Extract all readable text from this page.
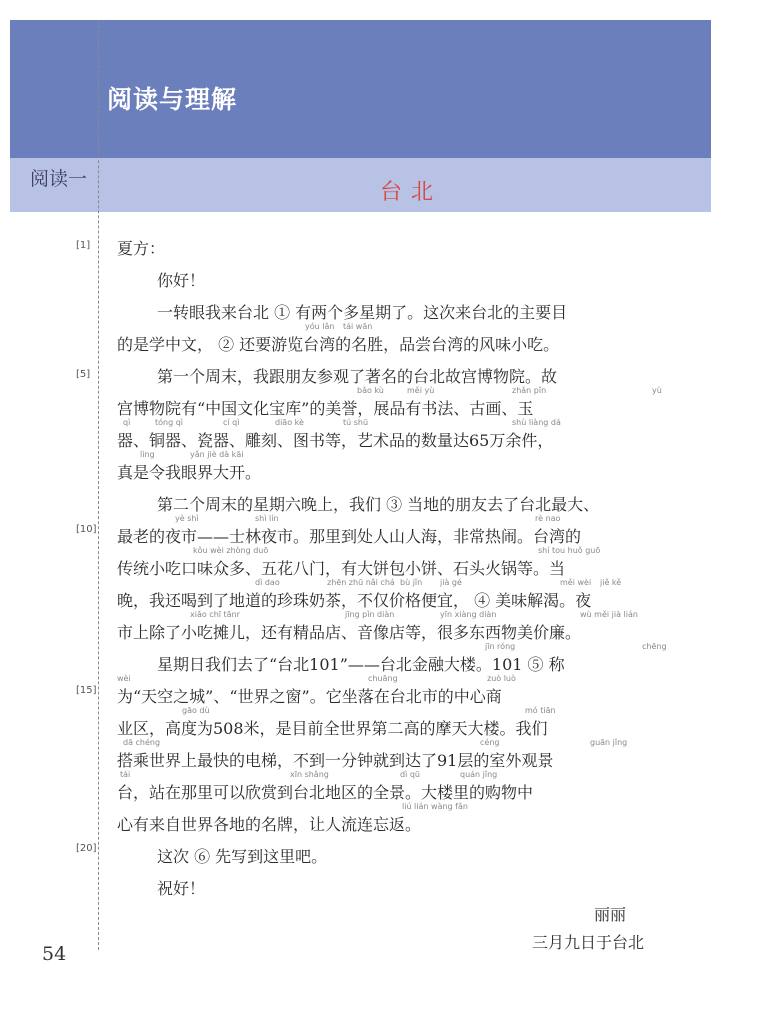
阅读与理解
阅读一
台北
[1]
[5]
[10]
[15]
[20]
夏方：
你好！
一转眼我来台北 ① 有两个多星期了。这次来台北的主要目
的是学中文， ② 还要游览台湾的名胜，品尝台湾的风味小吃。
第一个周末，我跟朋友参观了著名的台北故宫博物院。故
宫博物院有“中国文化宝库”的美誉，展品有书法、古画、玉
器、铜器、瓷器、雕刻、图书等，艺术品的数量达65万余件，
真是令我眼界大开。
第二个周末的星期六晚上，我们 ③ 当地的朋友去了台北最大、
最老的夜市——士林夜市。那里到处人山人海，非常热闹。台湾的
传统小吃口味众多、五花八门，有大饼包小饼、石头火锅等。当
晚，我还喝到了地道的珍珠奶茶，不仅价格便宜， ④ 美味解渴。夜
市上除了小吃摊儿，还有精品店、音像店等，很多东西物美价廉。
星期日我们去了“台北101”——台北金融大楼。101 ⑤ 称
为“天空之城”、“世界之窗”。它坐落在台北市的中心商
业区，高度为508米，是目前全世界第二高的摩天大楼。我们
搭乘世界上最快的电梯，不到一分钟就到达了91层的室外观景
台，站在那里可以欣赏到台北地区的全景。大楼里的购物中
心有来自世界各地的名牌，让人流连忘返。
这次 ⑥ 先写到这里吧。
祝好！
yóu lǎn tái wān
bǎo kù	měi yù	zhǎn pǐn	yù
qì	tóng qì	cí qì	diāo kè	tú shū	shù liàng dá
lìng	yǎn jiè dà kāi
yè shì	shì lín	rè nao
kǒu wèi zhòng duō	shí tou huǒ guō
dì dao	zhēn zhū nǎi chá bù jǐn jià gé	měi wèi jiě kě
xiǎo chī tānr	jīng pǐn diàn	yīn xiàng diàn	wù měi jià lián
jīn róng	chēng
wèi	chuāng	zuò luò
gāo dù	mó tiān
dā chéng	céng	guān jǐng
tái	xīn shǎng	dì qū	quán jǐng
liú lián wàng fǎn
丽丽
三月九日于台北
54
